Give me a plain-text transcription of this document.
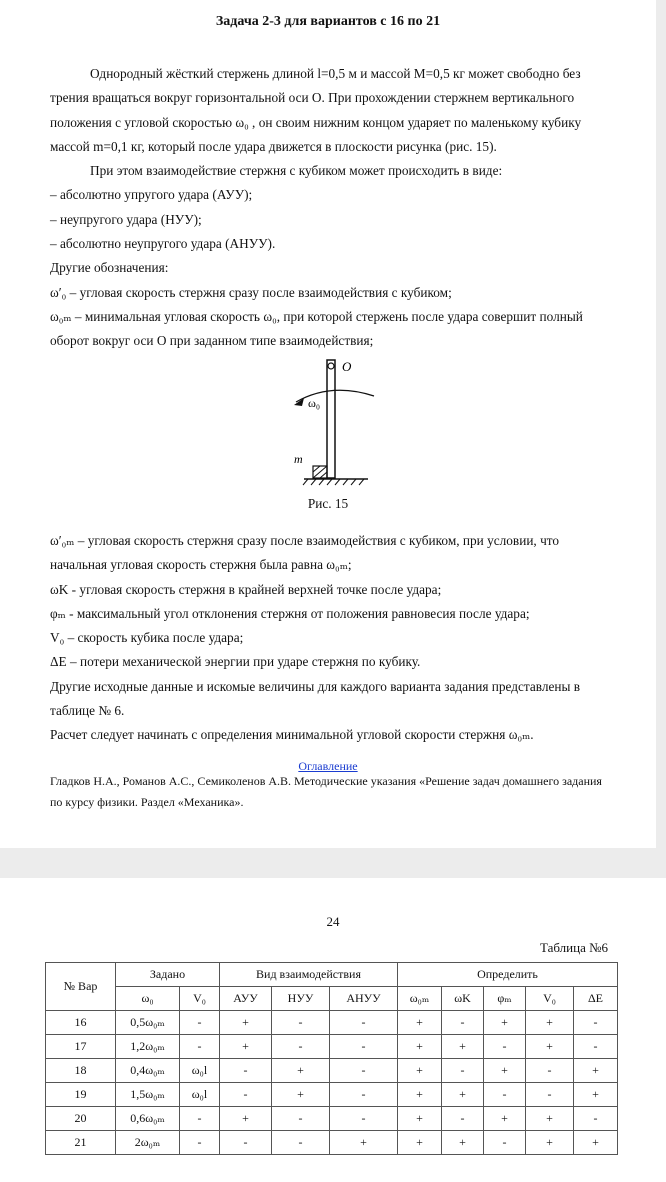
Задача 2-3 для вариантов с 16 по 21

Однородный жёсткий стержень длиной l=0,5 м и массой M=0,5 кг может свободно без трения вращаться вокруг горизонтальной оси О. При прохождении стержнем вертикального положения с угловой скоростью ω₀ , он своим нижним концом ударяет по маленькому кубику массой m=0,1 кг, который после удара движется в плоскости рисунка (рис. 15).

При этом взаимодействие стержня с кубиком может происходить в виде:

– абсолютно упругого удара (АУУ);

– неупругого удара (НУУ);

– абсолютно неупругого удара (АНУУ).

Другие обозначения:

ω′₀ – угловая скорость стержня сразу после взаимодействия с кубиком;

ω₀ₘ – минимальная угловая скорость ω₀, при которой стержень после удара совершит полный оборот вокруг оси О при заданном типе взаимодействия;

O
ω₀
m
Рис. 15

ω′₀ₘ – угловая скорость стержня сразу после взаимодействия с кубиком, при условии, что начальная угловая скорость стержня была равна ω₀ₘ;

ωK - угловая скорость стержня в крайней верхней точке после удара;

φₘ - максимальный угол отклонения стержня от положения равновесия после удара;

V₀ – скорость кубика после удара;

ΔE – потери механической энергии при ударе стержня по кубику.

Другие исходные данные и искомые величины для каждого варианта задания представлены в таблице № 6.

Расчет следует начинать с определения минимальной угловой скорости стержня ω₀ₘ.

Оглавление
Гладков Н.А., Романов А.С., Семиколенов А.В. Методические указания «Решение задач домашнего задания по курсу физики. Раздел «Механика».
24
Таблица №6
№ Вар	Задано		Вид взаимодействия			Определить				
	ω₀	V₀	АУУ	НУУ	АНУУ	ω₀ₘ	ωK	φₘ	V₀	ΔE
16	0,5ω₀ₘ	-	+	-	-	+	-	+	+	-
17	1,2ω₀ₘ	-	+	-	-	+	+	-	+	-
18	0,4ω₀ₘ	ω₀l	-	+	-	+	-	+	-	+
19	1,5ω₀ₘ	ω₀l	-	+	-	+	+	-	-	+
20	0,6ω₀ₘ	-	+	-	-	+	-	+	+	-
21	2ω₀ₘ	-	-	-	+	+	+	-	+	+
